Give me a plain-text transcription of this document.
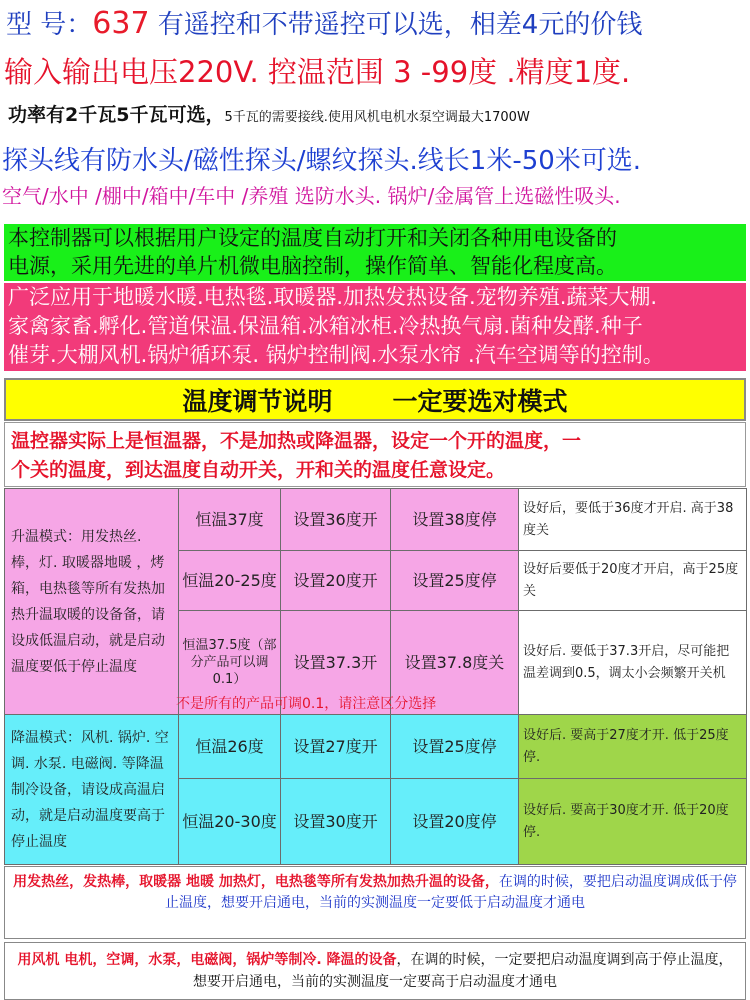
型 号：637 有遥控和不带遥控可以选，相差4元的价钱
输入输出电压220V. 控温范围 3 -99度 .精度1度.
功率有2千瓦5千瓦可选，5千瓦的需要接线.使用风机电机水泵空调最大1700W
探头线有防水头/磁性探头/螺纹探头.线长1米-50米可选.
空气/水中 /棚中/箱中/车中 /养殖 选防水头. 锅炉/金属管上选磁性吸头.
本控制器可以根据用户设定的温度自动打开和关闭各种用电设备的
电源，采用先进的单片机微电脑控制，操作简单、智能化程度高。
广泛应用于地暖水暖.电热毯.取暖器.加热发热设备.宠物养殖.蔬菜大棚.
家禽家畜.孵化.管道保温.保温箱.冰箱冰柜.冷热换气扇.菌种发酵.种子
催芽.大棚风机.锅炉循环泵. 锅炉控制阀.水泵水帘 .汽车空调等的控制。
温度调节说明 一定要选对模式
温控器实际上是恒温器，不是加热或降温器，设定一个开的温度，一
个关的温度，到达温度自动开关，开和关的温度任意设定。
升温模式：用发热丝. 棒，灯. 取暖器地暖 ，烤箱，电热毯等所有发热加热升温取暖的设备备，请设成低温启动，就是启动温度要低于停止温度	恒温37度	设置36度开	设置38度停	设好后，要低于36度才开启. 高于38度关
	恒温20-25度	设置20度开	设置25度停	设好后要低于20度才开启，高于25度关
	恒温37.5度（部分产品可以调0.1）	设置37.3开	设置37.8度关	设好后. 要低于37.3开启，尽可能把温差调到0.5，调太小会频繁开关机
降温模式：风机. 锅炉. 空调. 水泵. 电磁阀. 等降温制冷设备，请设成高温启动，就是启动温度要高于停止温度	恒温26度	设置27度开	设置25度停	设好后. 要高于27度才开. 低于25度停.
	恒温20-30度	设置30度开	设置20度停	设好后. 要高于30度才开. 低于20度停.
不是所有的产品可调0.1，请注意区分选择
用发热丝，发热棒，取暖器 地暖 加热灯，电热毯等所有发热加热升温的设备，在调的时候，要把启动温度调成低于停止温度，想要开启通电，当前的实测温度一定要低于启动温度才通电
用风机 电机，空调，水泵，电磁阀，锅炉等制冷. 降温的设备，在调的时候，一定要把启动温度调到高于停止温度，想要开启通电，当前的实测温度一定要高于启动温度才通电
